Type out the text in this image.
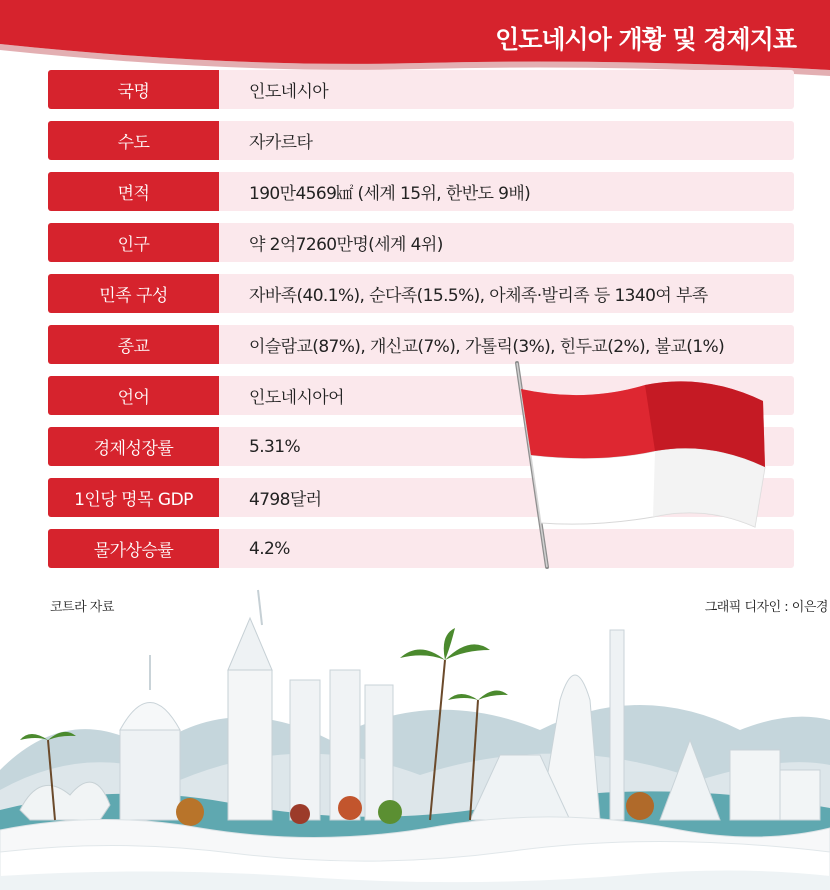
인도네시아 개황 및 경제지표
국명	인도네시아
수도	자카르타
면적	190만4569㎢ (세계 15위, 한반도 9배)
인구	약 2억7260만명(세계 4위)
민족 구성	자바족(40.1%), 순다족(15.5%), 아체족·발리족 등 1340여 부족
종교	이슬람교(87%), 개신교(7%), 가톨릭(3%), 힌두교(2%), 불교(1%)
언어	인도네시아어
경제성장률	5.31%
1인당 명목 GDP	4798달러
물가상승률	4.2%
코트라 자료	그래픽 디자인 : 이은경
